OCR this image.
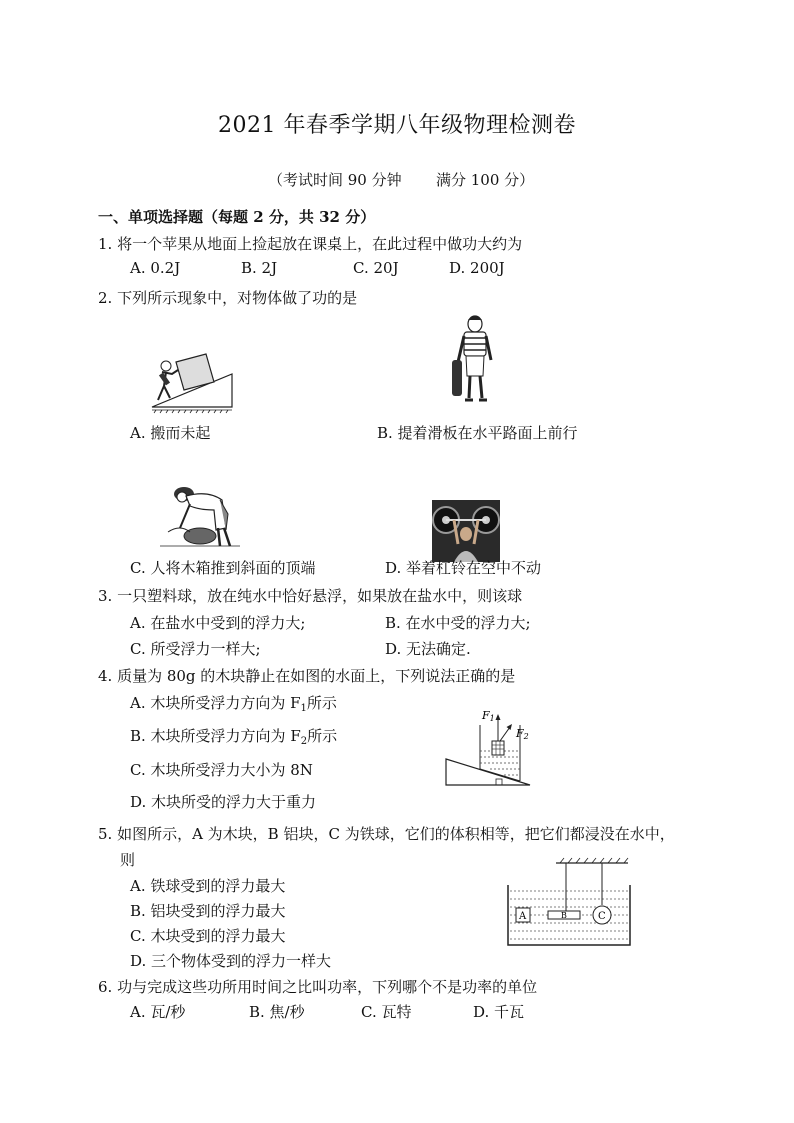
2021 年春季学期八年级物理检测卷
（考试时间 90 分钟 满分 100 分）
一、单项选择题（每题 2 分，共 32 分）
1. 将一个苹果从地面上捡起放在课桌上，在此过程中做功大约为
A. 0.2J	B. 2J	C. 20J	D. 200J
2. 下列所示现象中，对物体做了功的是
A. 搬而未起	B. 提着滑板在水平路面上前行
C. 人将木箱推到斜面的顶端	D. 举着杠铃在空中不动
3. 一只塑料球，放在纯水中恰好悬浮，如果放在盐水中，则该球
A. 在盐水中受到的浮力大;	B. 在水中受的浮力大;
C. 所受浮力一样大;	D. 无法确定.
4. 质量为 80g 的木块静止在如图的水面上，下列说法正确的是
A. 木块所受浮力方向为 $F_1$所示
B. 木块所受浮力方向为 $F_2$所示
C. 木块所受浮力大小为 8N
D. 木块所受的浮力大于重力
F1
F2
5. 如图所示，A 为木块，B 铝块，C 为铁球，它们的体积相等，把它们都浸没在水中，
则
A. 铁球受到的浮力最大
B. 铝块受到的浮力最大
C. 木块受到的浮力最大
D. 三个物体受到的浮力一样大
A	B	C
6. 功与完成这些功所用时间之比叫功率，下列哪个不是功率的单位
A. 瓦/秒	B. 焦/秒	C. 瓦特	D. 千瓦
